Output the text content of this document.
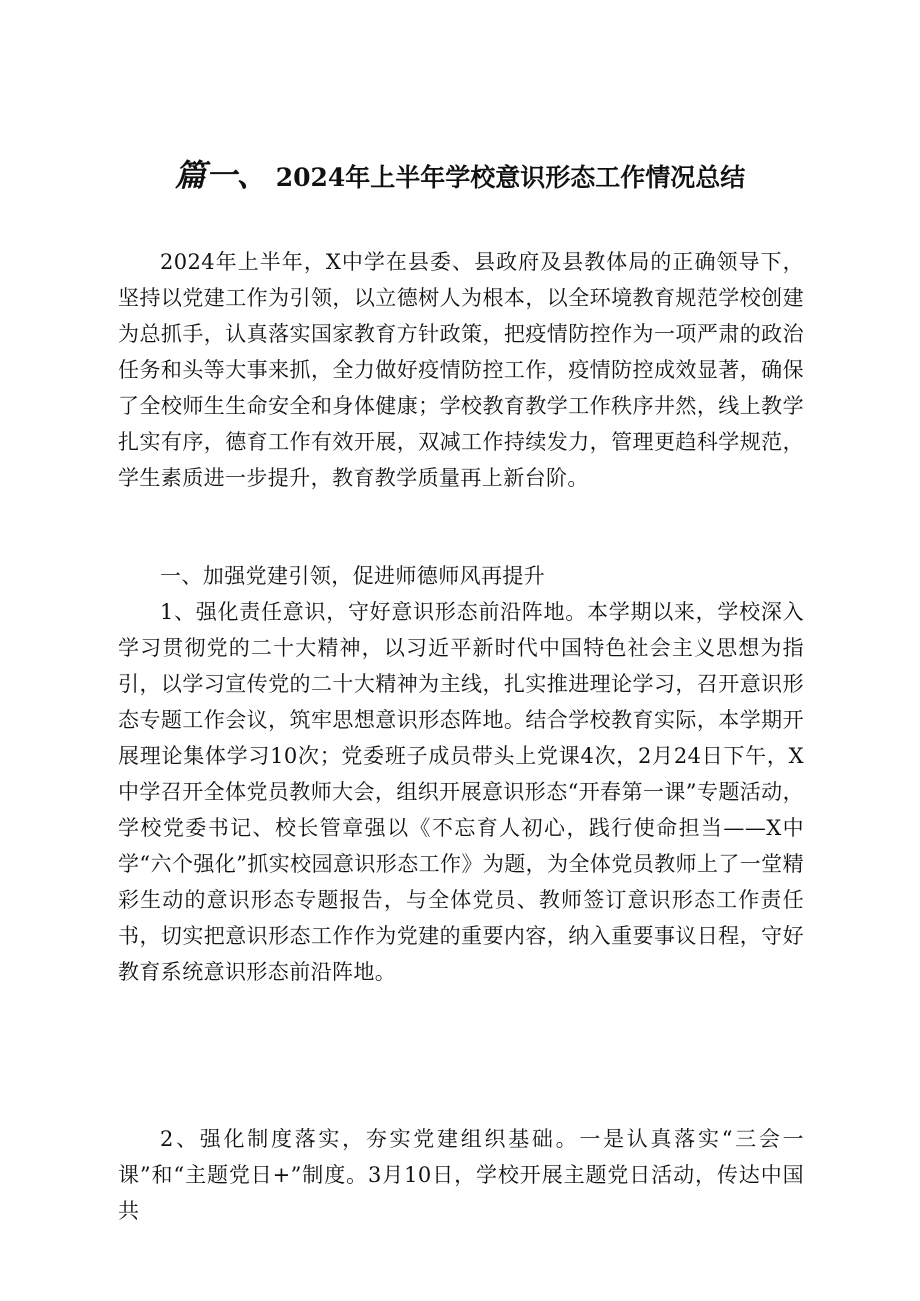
篇一、 2024年上半年学校意识形态工作情况总结

2024年上半年，X中学在县委、县政府及县教体局的正确领导下，坚持以党建工作为引领，以立德树人为根本，以全环境教育规范学校创建为总抓手，认真落实国家教育方针政策，把疫情防控作为一项严肃的政治任务和头等大事来抓，全力做好疫情防控工作，疫情防控成效显著，确保了全校师生生命安全和身体健康；学校教育教学工作秩序井然，线上教学扎实有序，德育工作有效开展，双减工作持续发力，管理更趋科学规范，学生素质进一步提升，教育教学质量再上新台阶。

一、加强党建引领，促进师德师风再提升

1、强化责任意识，守好意识形态前沿阵地。本学期以来，学校深入学习贯彻党的二十大精神，以习近平新时代中国特色社会主义思想为指引，以学习宣传党的二十大精神为主线，扎实推进理论学习，召开意识形态专题工作会议，筑牢思想意识形态阵地。结合学校教育实际，本学期开展理论集体学习10次；党委班子成员带头上党课4次，2月24日下午，X中学召开全体党员教师大会，组织开展意识形态“开春第一课”专题活动，学校党委书记、校长管章强以《不忘育人初心，践行使命担当——X中学“六个强化”抓实校园意识形态工作》为题，为全体党员教师上了一堂精彩生动的意识形态专题报告，与全体党员、教师签订意识形态工作责任书，切实把意识形态工作作为党建的重要内容，纳入重要事议日程，守好教育系统意识形态前沿阵地。

2、强化制度落实，夯实党建组织基础。一是认真落实“三会一课”和“主题党日+”制度。3月10日，学校开展主题党日活动，传达中国共
